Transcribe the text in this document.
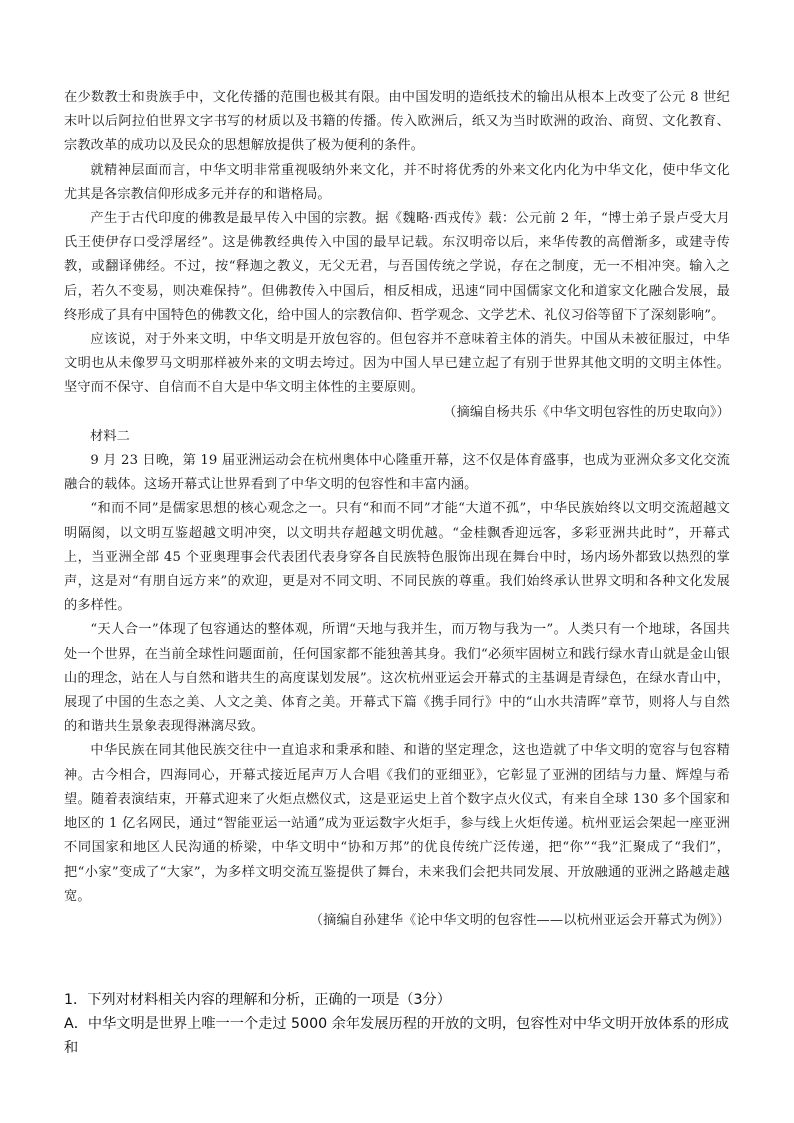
在少数教士和贵族手中，文化传播的范围也极其有限。由中国发明的造纸技术的输出从根本上改变了公元 8 世纪末叶以后阿拉伯世界文字书写的材质以及书籍的传播。传入欧洲后，纸又为当时欧洲的政治、商贸、文化教育、宗教改革的成功以及民众的思想解放提供了极为便利的条件。

就精神层面而言，中华文明非常重视吸纳外来文化，并不时将优秀的外来文化内化为中华文化，使中华文化尤其是各宗教信仰形成多元并存的和谐格局。

产生于古代印度的佛教是最早传入中国的宗教。据《魏略·西戎传》载：公元前 2 年，“博士弟子景卢受大月氏王使伊存口受浮屠经”。这是佛教经典传入中国的最早记载。东汉明帝以后，来华传教的高僧渐多，或建寺传教，或翻译佛经。不过，按“释迦之教义，无父无君，与吾国传统之学说，存在之制度，无一不相冲突。输入之后，若久不变易，则决难保持”。但佛教传入中国后，相反相成，迅速“同中国儒家文化和道家文化融合发展，最终形成了具有中国特色的佛教文化，给中国人的宗教信仰、哲学观念、文学艺术、礼仪习俗等留下了深刻影响”。

应该说，对于外来文明，中华文明是开放包容的。但包容并不意味着主体的消失。中国从未被征服过，中华文明也从未像罗马文明那样被外来的文明去垮过。因为中国人早已建立起了有别于世界其他文明的文明主体性。坚守而不保守、自信而不自大是中华文明主体性的主要原则。

（摘编自杨共乐《中华文明包容性的历史取向》）

材料二

9 月 23 日晚，第 19 届亚洲运动会在杭州奥体中心隆重开幕，这不仅是体育盛事，也成为亚洲众多文化交流融合的载体。这场开幕式让世界看到了中华文明的包容性和丰富内涵。

“和而不同”是儒家思想的核心观念之一。只有“和而不同”才能“大道不孤”，中华民族始终以文明交流超越文明隔阂，以文明互鉴超越文明冲突，以文明共存超越文明优越。“金桂飘香迎远客，多彩亚洲共此时”，开幕式上，当亚洲全部 45 个亚奥理事会代表团代表身穿各自民族特色服饰出现在舞台中时，场内场外都致以热烈的掌声，这是对“有朋自远方来”的欢迎，更是对不同文明、不同民族的尊重。我们始终承认世界文明和各种文化发展的多样性。

“天人合一”体现了包容通达的整体观，所谓“天地与我并生，而万物与我为一”。人类只有一个地球，各国共处一个世界，在当前全球性问题面前，任何国家都不能独善其身。我们“必须牢固树立和践行绿水青山就是金山银山的理念，站在人与自然和谐共生的高度谋划发展”。这次杭州亚运会开幕式的主基调是青绿色，在绿水青山中，展现了中国的生态之美、人文之美、体育之美。开幕式下篇《携手同行》中的“山水共清晖”章节，则将人与自然的和谐共生景象表现得淋漓尽致。

中华民族在同其他民族交往中一直追求和秉承和睦、和谐的坚定理念，这也造就了中华文明的宽容与包容精神。古今相合，四海同心，开幕式接近尾声万人合唱《我们的亚细亚》，它彰显了亚洲的团结与力量、辉煌与希望。随着表演结束，开幕式迎来了火炬点燃仪式，这是亚运史上首个数字点火仪式，有来自全球 130 多个国家和地区的 1 亿名网民，通过“智能亚运一站通”成为亚运数字火炬手，参与线上火炬传递。杭州亚运会架起一座亚洲不同国家和地区人民沟通的桥梁，中华文明中“协和万邦”的优良传统广泛传递，把“你”“我”汇聚成了“我们”，把“小家”变成了“大家”，为多样文明交流互鉴提供了舞台，未来我们会把共同发展、开放融通的亚洲之路越走越宽。

（摘编自孙建华《论中华文明的包容性——以杭州亚运会开幕式为例》）

1．下列对材料相关内容的理解和分析，正确的一项是（3分）

A．中华文明是世界上唯一一个走过 5000 余年发展历程的开放的文明，包容性对中华文明开放体系的形成和
